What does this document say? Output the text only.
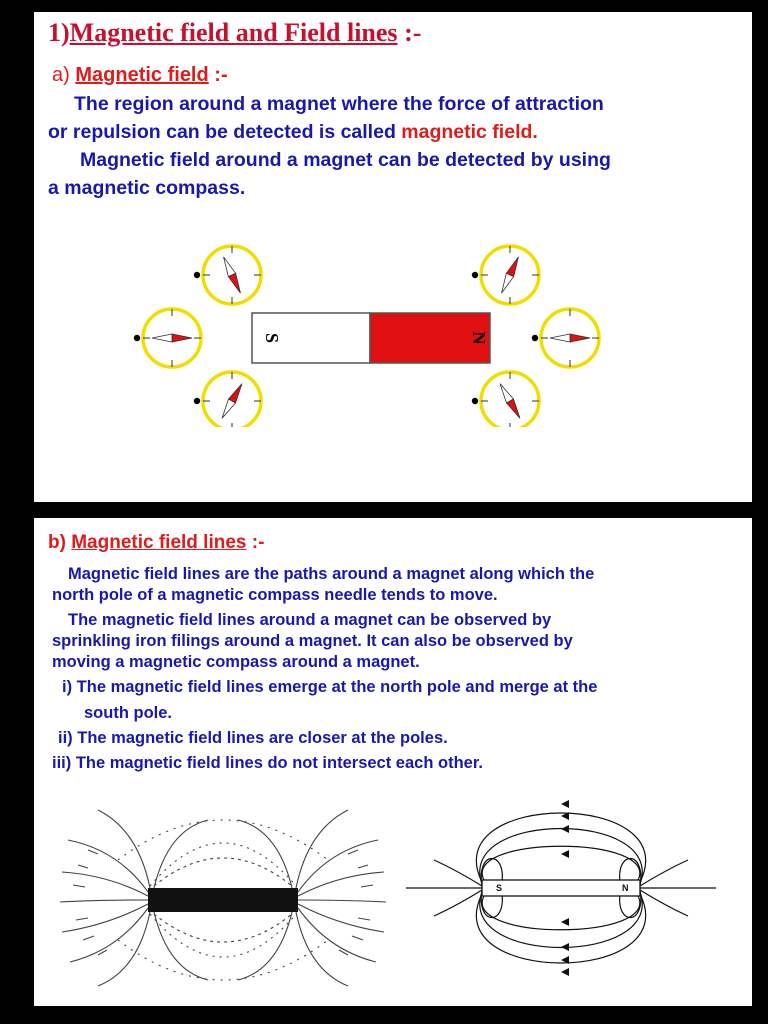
1)Magnetic field and Field lines :-
a) Magnetic field :-
The region around a magnet where the force of attraction
or repulsion can be detected is called magnetic field.
Magnetic field around a magnet can be detected by using
a magnetic compass.
S	N
b) Magnetic field lines :-
Magnetic field lines are the paths around a magnet along which the
north pole of a magnetic compass needle tends to move.
The magnetic field lines around a magnet can be observed by
sprinkling iron filings around a magnet. It can also be observed by
moving a magnetic compass around a magnet.
i) The magnetic field lines emerge at the north pole and merge at the
south pole.
ii) The magnetic field lines are closer at the poles.
iii) The magnetic field lines do not intersect each other.
S	N
